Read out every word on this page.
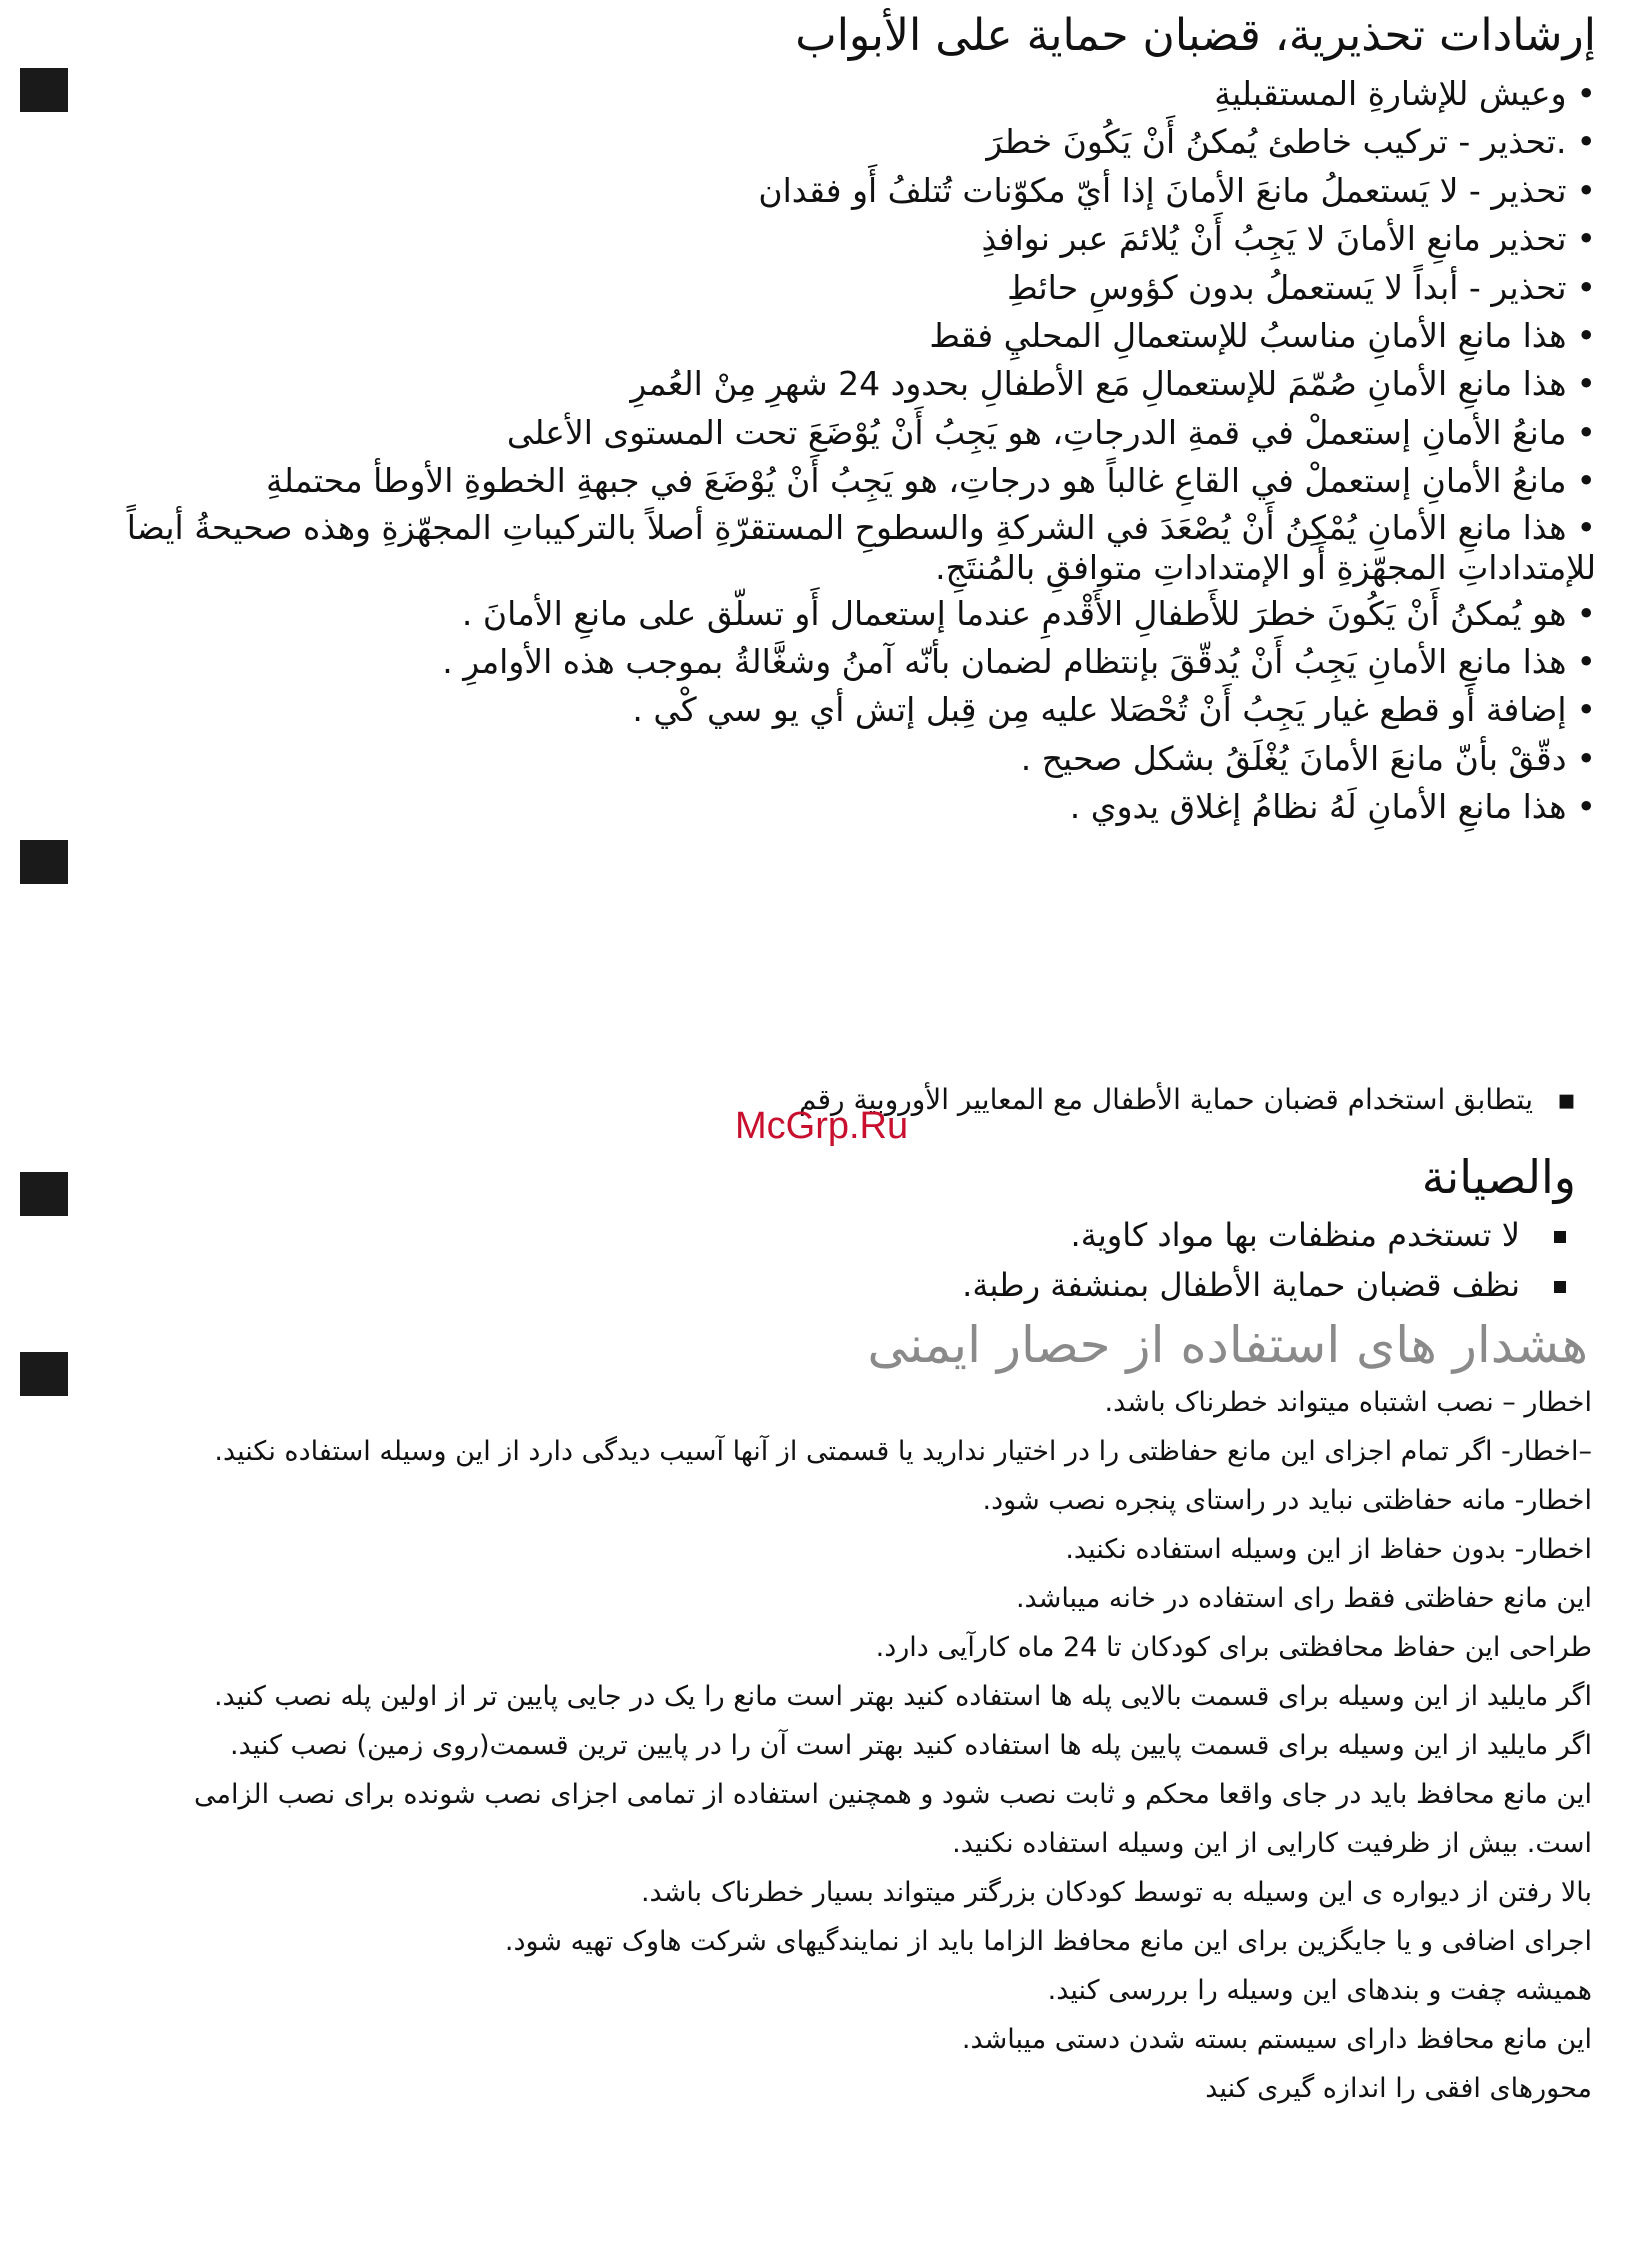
إرشادات تحذيرية، قضبان حماية على الأبواب
•وعيش للإشارةِ المستقبليةِ
•.تحذير - تركيب خاطئ يُمكنُ أَنْ يَكُونَ خطرَ
•تحذير - لا يَستعملُ مانعَ الأمانَ إذا أيّ مكوّنات تُتلفُ أَو فقدان
•تحذير مانعِ الأمانَ لا يَجِبُ أَنْ يُلائمَ عبر نوافذِ
•تحذير - أبداً لا يَستعملُ بدون كؤوسِ حائطِ
•هذا مانعِ الأمانِ مناسبُ للإستعمالِ المحليِ فقط
•هذا مانعِ الأمانِ صُمّمَ للإستعمالِ مَع الأطفالِ بحدود 24 شهرِ مِنْ العُمرِ
•مانعُ الأمانِ إستعملْ في قمةِ الدرجاتِ، هو يَجِبُ أَنْ يُوْضَعَ تحت المستوى الأعلى
•مانعُ الأمانِ إستعملْ في القاعِ غالباً هو درجاتِ، هو يَجِبُ أَنْ يُوْضَعَ في جبهةِ الخطوةِ الأوطأ محتملةِ
•هذا مانعِ الأمانِ يُمْكِنُ أَنْ يُصْعَدَ في الشركةِ والسطوحِ المستقرّةِ أصلاً بالتركيباتِ المجهّزةِ وهذه صحيحةُ أيضاً للإمتداداتِ المجهّزةِ أَو الإمتداداتِ متوافقِ بالمُنتَجِ.
•هو يُمكنُ أَنْ يَكُونَ خطرَ للأَطفالِ الأَقْدمِ عندما إستعمال أَو تسلّق على مانعِ الأمانَ .
•هذا مانعِ الأمانِ يَجِبُ أَنْ يُدقّقَ بإنتظام لضمان بأنّه آمنُ وشغَّالةُ بموجب هذه الأوامرِ .
•إضافة أَو قطع غيار يَجِبُ أَنْ تُحْصَلا عليه مِن قِبل إتش أي يو سي كْي .
•دقّقْ بأنّ مانعَ الأمانَ يُغْلَقُ بشكل صحيح .
•هذا مانعِ الأمانِ لَهُ نظامُ إغلاق يدوي .
▪يتطابق استخدام قضبان حماية الأطفال مع المعايير الأوروبية رقم
McGrp.Ru
والصيانة
لا تستخدم منظفات بها مواد كاوية.
نظف قضبان حماية الأطفال بمنشفة رطبة.
هشدار های استفاده از حصار ایمنی

اخطار – نصب اشتباه میتواند خطرناک باشد.

–اخطار- اگر تمام اجزای این مانع حفاظتی را در اختیار ندارید یا قسمتی از آنها آسیب دیدگی دارد از این وسیله استفاده نکنید.

اخطار- مانه حفاظتی نباید در راستای پنجره نصب شود.

اخطار- بدون حفاظ از این وسیله استفاده نکنید.

این مانع حفاظتی فقط رای استفاده در خانه میباشد.

طراحی این حفاظ محافظتی برای کودکان تا 24 ماه کارآیی دارد.

اگر مایلید از این وسیله برای قسمت بالایی پله ها استفاده کنید بهتر است مانع را یک در جایی پایین تر از اولین پله نصب کنید.

اگر مایلید از این وسیله برای قسمت پایین پله ها استفاده کنید بهتر است آن را در پایین ترین قسمت(روی زمین) نصب کنید.

این مانع محافظ باید در جای واقعا محکم و ثابت نصب شود و همچنین استفاده از تمامی اجزای نصب شونده برای نصب الزامی است. بیش از ظرفیت کارایی از این وسیله استفاده نکنید.

بالا رفتن از دیواره ی این وسیله به توسط کودکان بزرگتر میتواند بسیار خطرناک باشد.

اجرای اضافی و یا جایگزین برای این مانع محافظ الزاما باید از نمایندگیهای شرکت هاوک تهیه شود.

همیشه چفت و بندهای این وسیله را بررسی کنید.

این مانع محافظ دارای سیستم بسته شدن دستی میباشد.

محورهای افقی را اندازه گیری کنید
